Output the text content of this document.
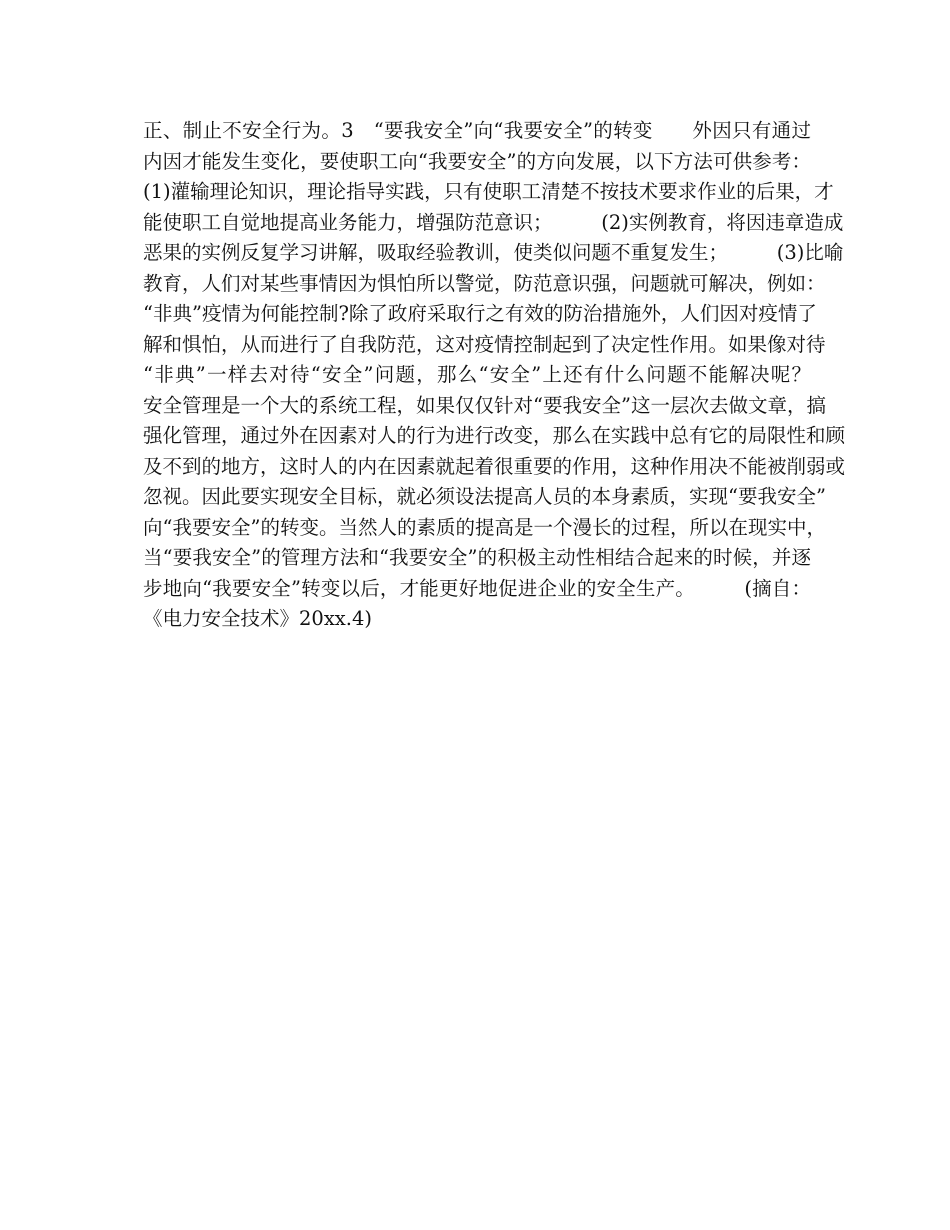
正、制止不安全行为。3　“要我安全”向“我要安全”的转变　　外因只有通过
内因才能发生变化，要使职工向“我要安全”的方向发展，以下方法可供参考：
(1)灌输理论知识，理论指导实践，只有使职工清楚不按技术要求作业的后果，才
能使职工自觉地提高业务能力，增强防范意识；　　　(2)实例教育，将因违章造成
恶果的实例反复学习讲解，吸取经验教训，使类似问题不重复发生；　　　(3)比喻
教育，人们对某些事情因为惧怕所以警觉，防范意识强，问题就可解决，例如：
“非典”疫情为何能控制?除了政府采取行之有效的防治措施外，人们因对疫情了
解和惧怕，从而进行了自我防范，这对疫情控制起到了决定性作用。如果像对待
“非典”一样去对待“安全”问题，那么“安全”上还有什么问题不能解决呢？
安全管理是一个大的系统工程，如果仅仅针对“要我安全”这一层次去做文章，搞
强化管理，通过外在因素对人的行为进行改变，那么在实践中总有它的局限性和顾
及不到的地方，这时人的内在因素就起着很重要的作用，这种作用决不能被削弱或
忽视。因此要实现安全目标，就必须设法提高人员的本身素质，实现“要我安全”
向“我要安全”的转变。当然人的素质的提高是一个漫长的过程，所以在现实中，
当“要我安全”的管理方法和“我要安全”的积极主动性相结合起来的时候，并逐
步地向“我要安全”转变以后，才能更好地促进企业的安全生产。　　　(摘自：
《电力安全技术》20xx.4)
